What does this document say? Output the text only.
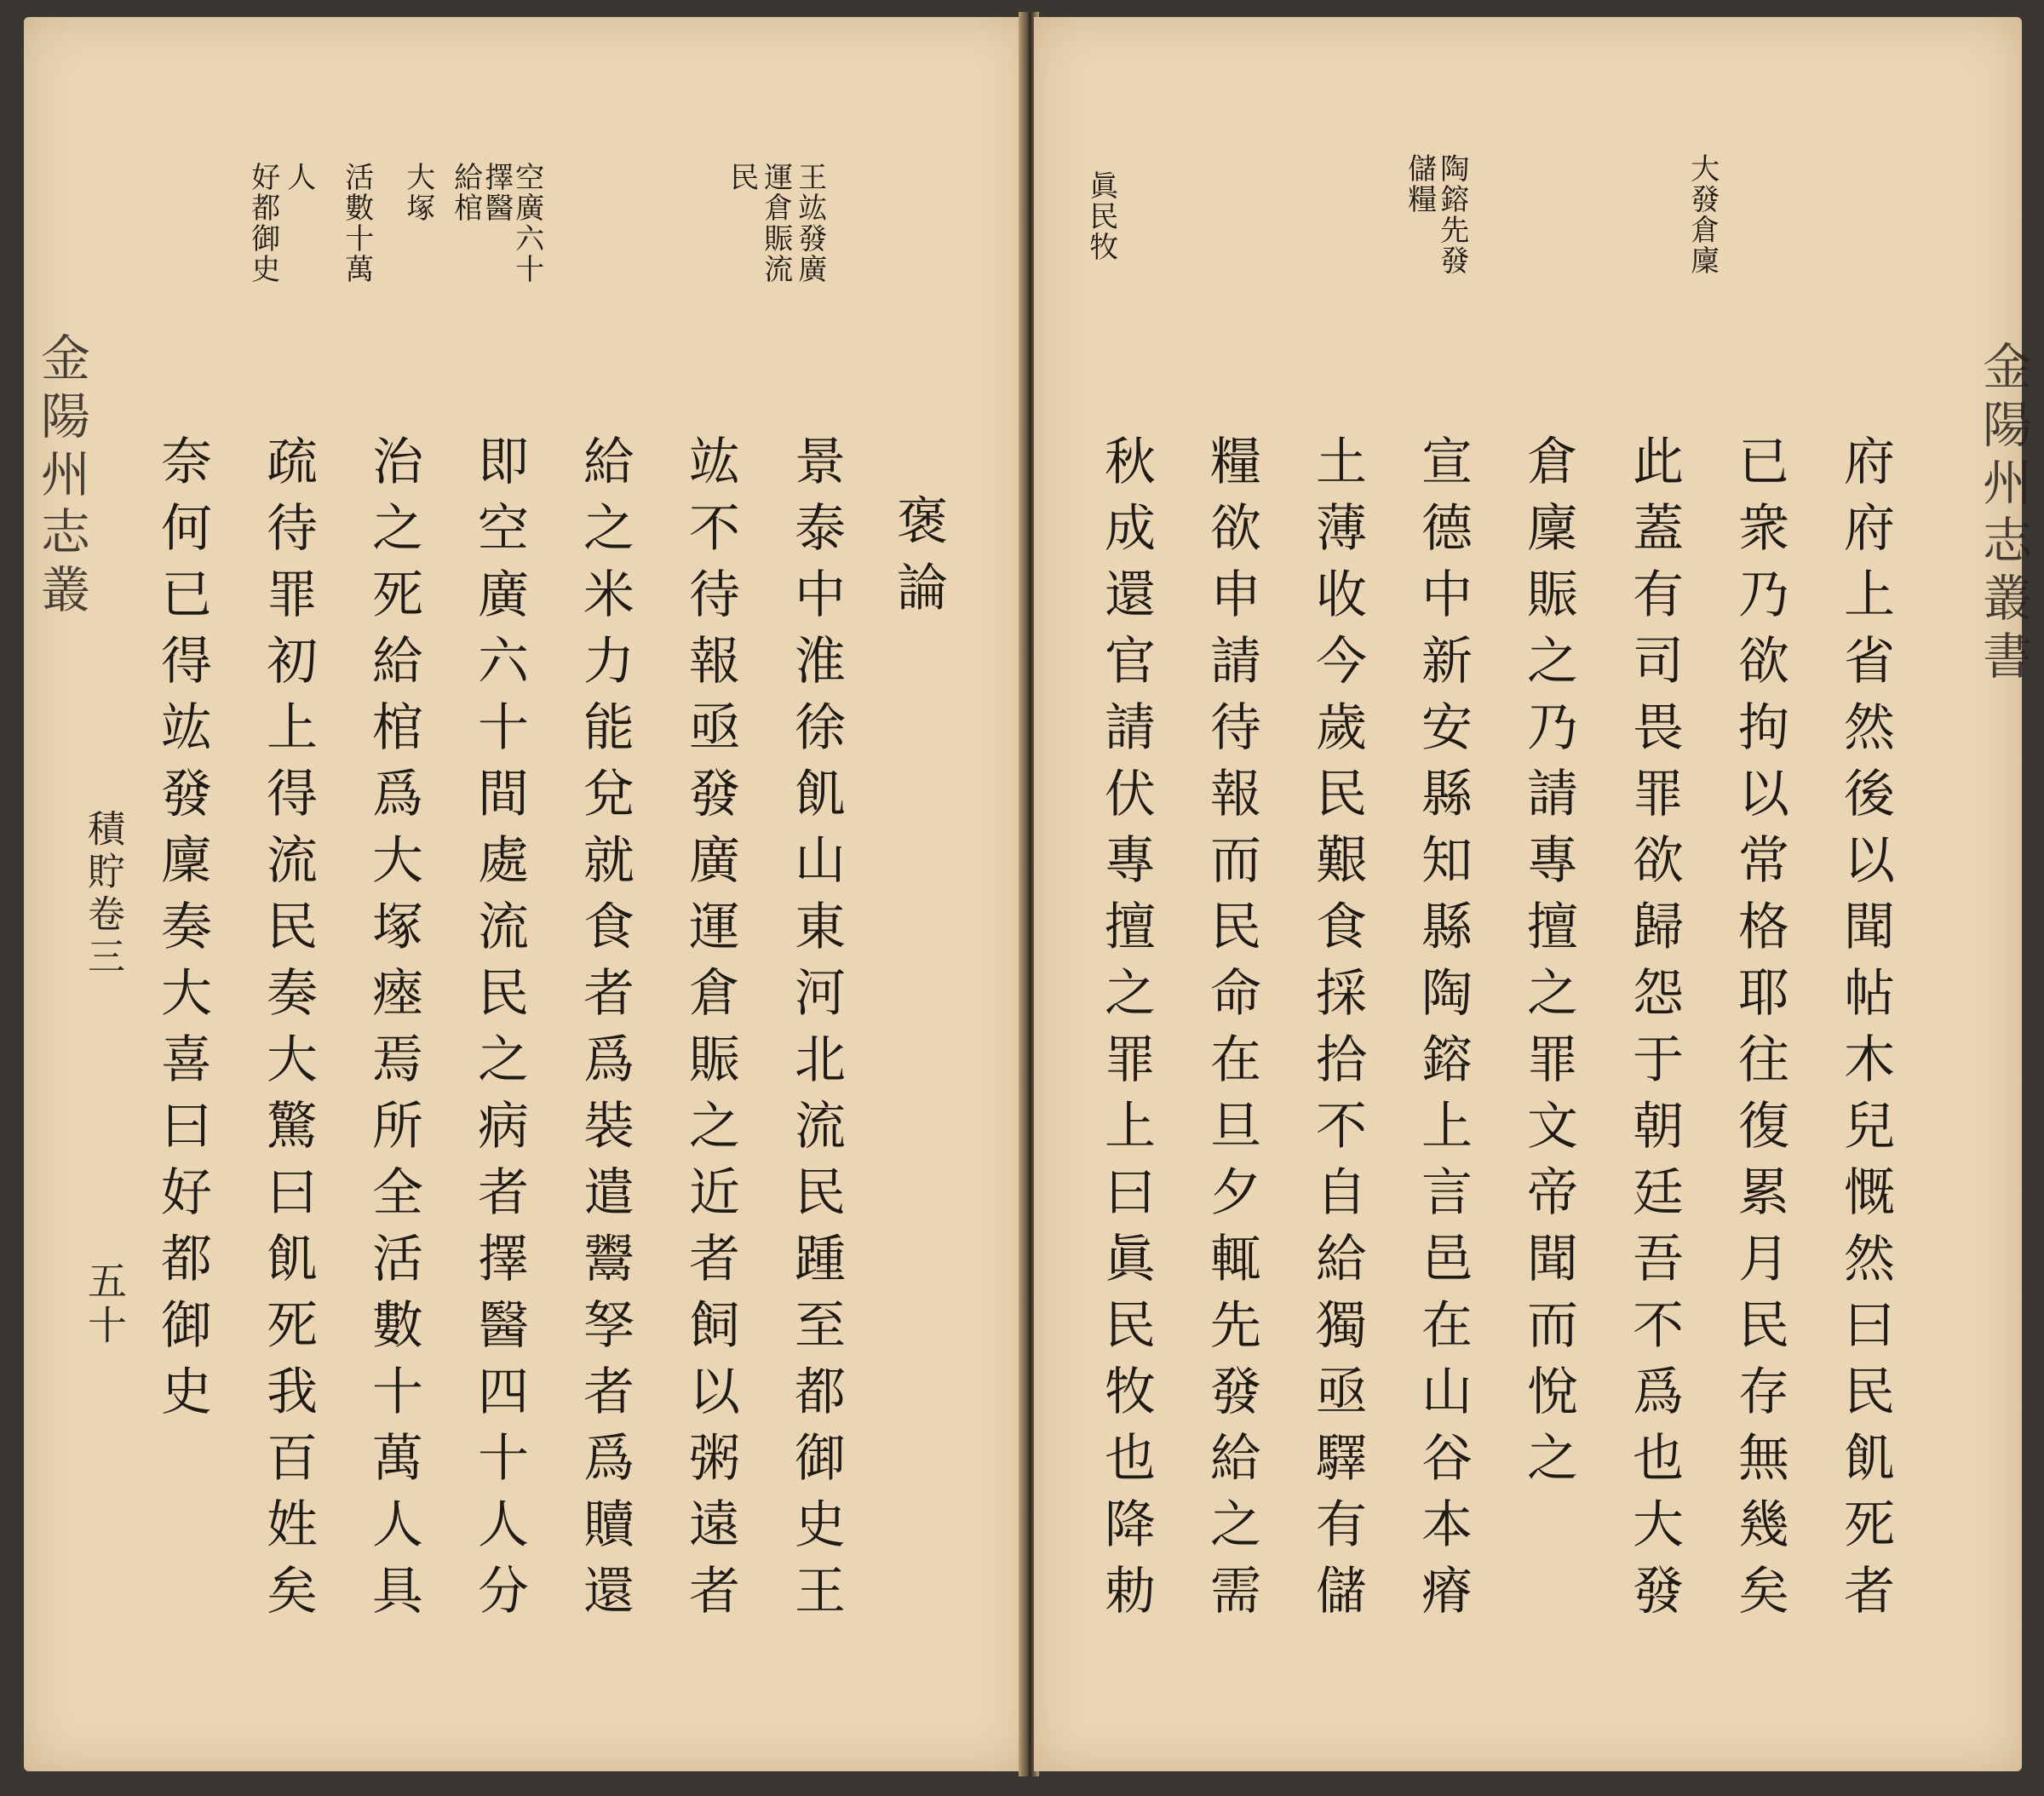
金陽州志叢
積貯卷三
五十
王竑發廣
運倉賑流
民
空廣六十
擇醫
給棺
大塚
活數十萬
人
好都御史
褒論
景泰中淮徐飢山東河北流民踵至都御史王
竑不待報亟發廣運倉賑之近者飼以粥遠者
給之米力能兌就食者爲裝遣鬻孥者爲贖還
即空廣六十間處流民之病者擇醫四十人分
治之死給棺爲大塚瘞焉所全活數十萬人具
疏待罪初上得流民奏大驚曰飢死我百姓矣
奈何已得竑發廩奏大喜曰好都御史	金陽州志叢書
大發倉廩
陶鎔先發
儲糧
眞民牧
府府上省然後以聞帖木兒慨然曰民飢死者
已衆乃欲拘以常格耶往復累月民存無幾矣
此蓋有司畏罪欲歸怨于朝廷吾不爲也大發
倉廩賑之乃請專擅之罪文帝聞而悅之
宣德中新安縣知縣陶鎔上言邑在山谷本瘠
土薄收今歲民艱食採拾不自給獨亟驛有儲
糧欲申請待報而民命在旦夕輒先發給之需
秋成還官請伏專擅之罪上曰眞民牧也降勅
